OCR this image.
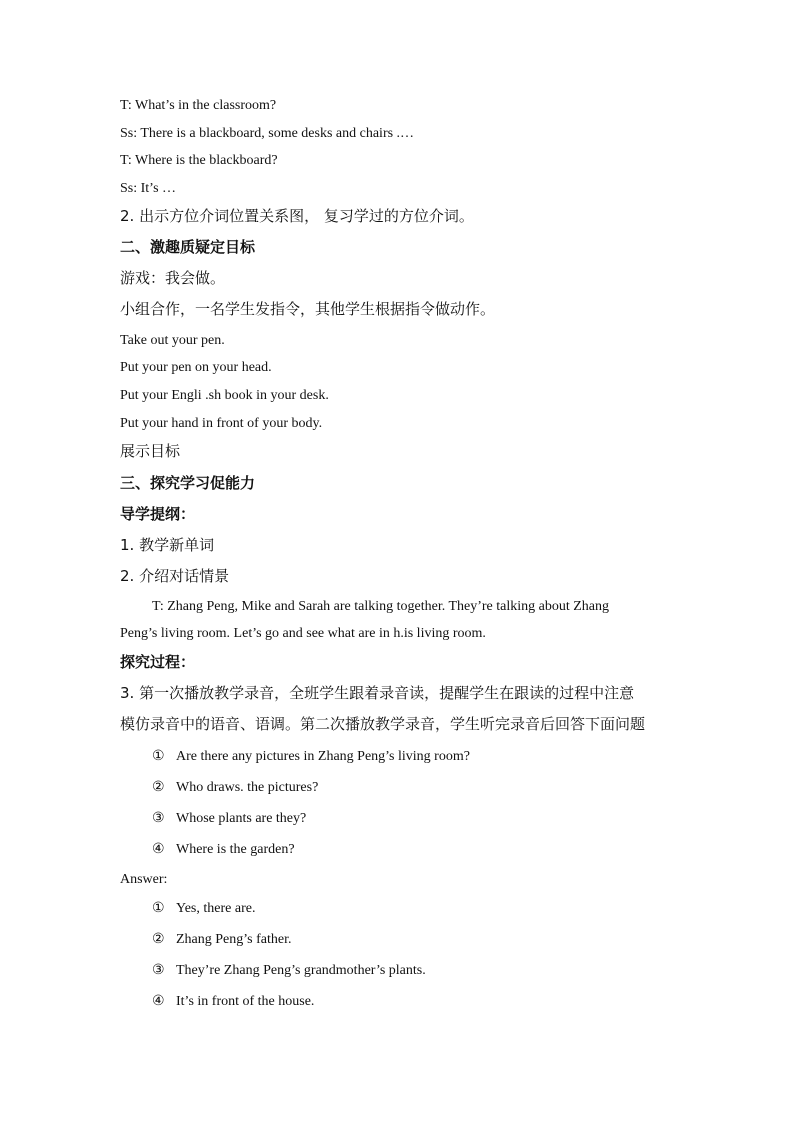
T: What’s in the classroom?
Ss: There is a blackboard, some desks and chairs .…
T: Where is the blackboard?
Ss: It’s …
2. 出示方位介词位置关系图， 复习学过的方位介词。
二、激趣质疑定目标
游戏：我会做。
小组合作，一名学生发指令，其他学生根据指令做动作。
Take out your pen.
Put your pen on your head.
Put your Engli .sh book in your desk.
Put your hand in front of your body.
展示目标
三、探究学习促能力
导学提纲：
1. 教学新单词
2. 介绍对话情景
T: Zhang Peng, Mike and Sarah are talking together. They’re talking about Zhang
Peng’s living room. Let’s go and see what are in h.is living room.
探究过程：
3. 第一次播放教学录音，全班学生跟着录音读，提醒学生在跟读的过程中注意
模仿录音中的语音、语调。第二次播放教学录音，学生听完录音后回答下面问题
① Are there any pictures in Zhang Peng’s living room?
② Who draws. the pictures?
③ Whose plants are they?
④ Where is the garden?
Answer:
① Yes, there are.
② Zhang Peng’s father.
③ They’re Zhang Peng’s grandmother’s plants.
④ It’s in front of the house.
